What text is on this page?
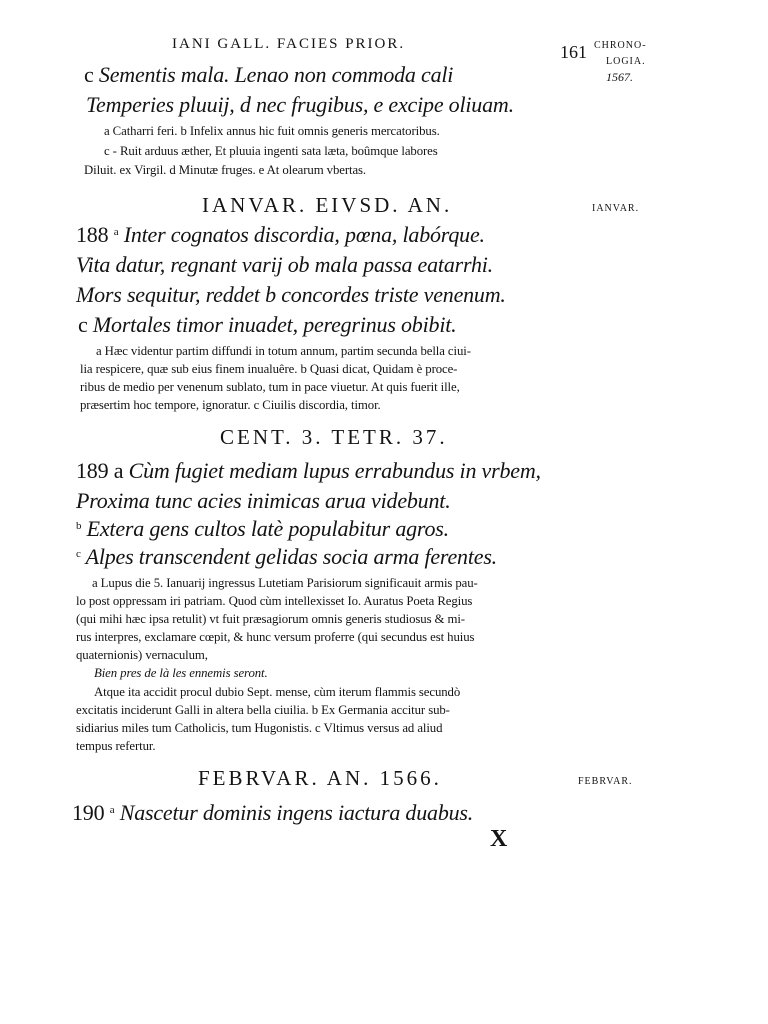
IANI GALL. FACIES PRIOR.	161 CHRONO-
LOGIA.
1567.
c Sementis mala. Lenao non commoda cali
Temperies pluuij, d nec frugibus, e excipe oliuam.
a Catharri feri. b Infelix annus hic fuit omnis generis mercatoribus.
c - Ruit arduus æther, Et pluuia ingenti sata læta, boûmque labores
Diluit. ex Virgil. d Minutæ fruges. e At olearum vbertas.
IANVAR. EIVSD. AN.	IANVAR.
188 $^a$ Inter cognatos discordia, pœna, labórque.
Vita datur, regnant varij ob mala passa eatarrhi.
Mors sequitur, reddet b concordes triste venenum.
c Mortales timor inuadet, peregrinus obibit.
a Hæc videntur partim diffundi in totum annum, partim secunda bella ciui-
lia respicere, quæ sub eius finem inualuêre. b Quasi dicat, Quidam è proce-
ribus de medio per venenum sublato, tum in pace viuetur. At quis fuerit ille,
præsertim hoc tempore, ignoratur. c Ciuilis discordia, timor.
CENT. 3. TETR. 37.
189 a Cùm fugiet mediam lupus errabundus in vrbem,
Proxima tunc acies inimicas arua videbunt.
$^b$ Extera gens cultos latè populabitur agros.
$^c$ Alpes transcendent gelidas socia arma ferentes.
a Lupus die 5. Ianuarij ingressus Lutetiam Parisiorum significauit armis pau-
lo post oppressam iri patriam. Quod cùm intellexisset Io. Auratus Poeta Regius
(qui mihi hæc ipsa retulit) vt fuit præsagiorum omnis generis studiosus & mi-
rus interpres, exclamare cœpit, & hunc versum proferre (qui secundus est huius
quaternionis) vernaculum,
Bien pres de là les ennemis seront.
Atque ita accidit procul dubio Sept. mense, cùm iterum flammis secundò
excitatis inciderunt Galli in altera bella ciuilia. b Ex Germania accitur sub-
sidiarius miles tum Catholicis, tum Hugonistis. c Vltimus versus ad aliud
tempus refertur.
FEBRVAR. AN. 1566.	FEBRVAR.
190 $^a$ Nascetur dominis ingens iactura duabus.
X
